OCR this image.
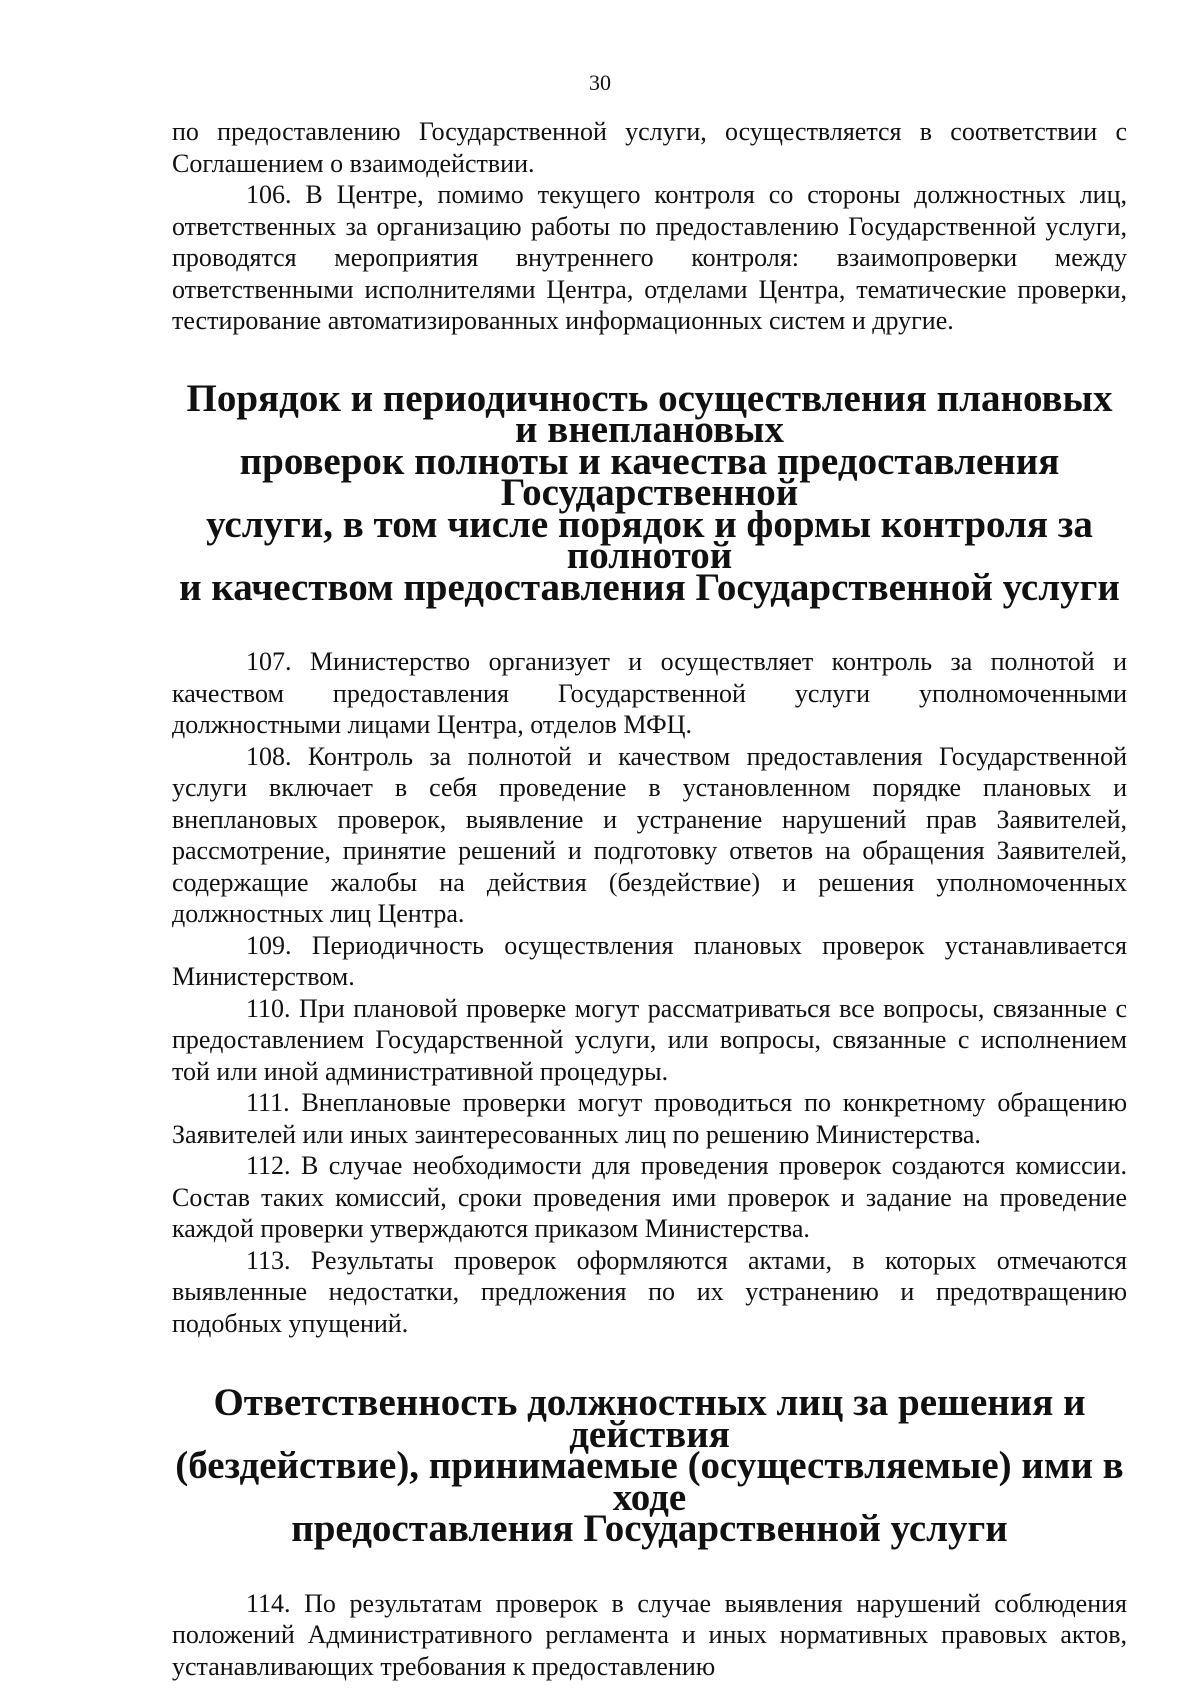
30

по предоставлению Государственной услуги, осуществляется в соответствии с Соглашением о взаимодействии.

106. В Центре, помимо текущего контроля со стороны должностных лиц, ответственных за организацию работы по предоставлению Государственной услуги, проводятся мероприятия внутреннего контроля: взаимопроверки между ответственными исполнителями Центра, отделами Центра, тематические проверки, тестирование автоматизированных информационных систем и другие.

Порядок и периодичность осуществления плановых и внеплановых
проверок полноты и качества предоставления Государственной
услуги, в том числе порядок и формы контроля за полнотой
и качеством предоставления Государственной услуги

107. Министерство организует и осуществляет контроль за полнотой и качеством предоставления Государственной услуги уполномоченными должностными лицами Центра, отделов МФЦ.

108. Контроль за полнотой и качеством предоставления Государственной услуги включает в себя проведение в установленном порядке плановых и внеплановых проверок, выявление и устранение нарушений прав Заявителей, рассмотрение, принятие решений и подготовку ответов на обращения Заявителей, содержащие жалобы на действия (бездействие) и решения уполномоченных должностных лиц Центра.

109. Периодичность осуществления плановых проверок устанавливается Министерством.

110. При плановой проверке могут рассматриваться все вопросы, связанные с предоставлением Государственной услуги, или вопросы, связанные с исполнением той или иной административной процедуры.

111. Внеплановые проверки могут проводиться по конкретному обращению Заявителей или иных заинтересованных лиц по решению Министерства.

112. В случае необходимости для проведения проверок создаются комиссии. Состав таких комиссий, сроки проведения ими проверок и задание на проведение каждой проверки утверждаются приказом Министерства.

113. Результаты проверок оформляются актами, в которых отмечаются выявленные недостатки, предложения по их устранению и предотвращению подобных упущений.

Ответственность должностных лиц за решения и действия
(бездействие), принимаемые (осуществляемые) ими в ходе
предоставления Государственной услуги

114. По результатам проверок в случае выявления нарушений соблюдения положений Административного регламента и иных нормативных правовых актов, устанавливающих требования к предоставлению
